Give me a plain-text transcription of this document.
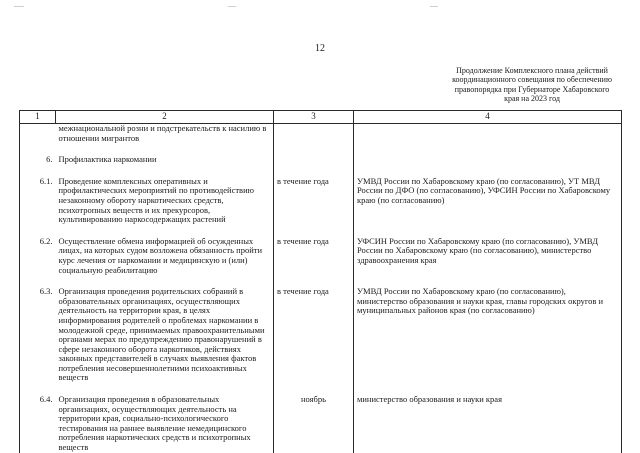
12
Продолжение Комплексного плана действий координационного совещания по обеспечению правопорядка при Губернаторе Хабаровского края на 2023 год
1	2	3	4
	межнациональной розни и подстрекательств к насилию в отношении мигрантов		
6.	Профилактика наркомании		
6.1.	Проведение комплексных оперативных и профилактических мероприятий по противодействию незаконному обороту наркотических средств, психотропных веществ и их прекурсоров, культивированию наркосодержащих растений	в течение года	УМВД России по Хабаровскому краю (по согласованию), УТ МВД России по ДФО (по согласованию), УФСИН России по Хабаровскому краю (по согласованию)
6.2.	Осуществление обмена информацией об осужденных лицах, на которых судом возложена обязанность пройти курс лечения от наркомании и медицинскую и (или) социальную реабилитацию	в течение года	УФСИН России по Хабаровскому краю (по согласованию), УМВД России по Хабаровскому краю (по согласованию), министерство здравоохранения края
6.3.	Организация проведения родительских собраний в образовательных организациях, осуществляющих деятельность на территории края, в целях информирования родителей о проблемах наркомании в молодежной среде, принимаемых правоохранительными органами мерах по предупреждению правонарушений в сфере незаконного оборота наркотиков, действиях законных представителей в случаях выявления фактов потребления несовершеннолетними психоактивных веществ	в течение года	УМВД России по Хабаровскому краю (по согласованию), министерство образования и науки края, главы городских округов и муниципальных районов края (по согласованию)
6.4.	Организация проведения в образовательных организациях, осуществляющих деятельность на территории края, социально-психологического тестирования на раннее выявление немедицинского потребления наркотических средств и психотропных веществ	ноябрь	министерство образования и науки края
